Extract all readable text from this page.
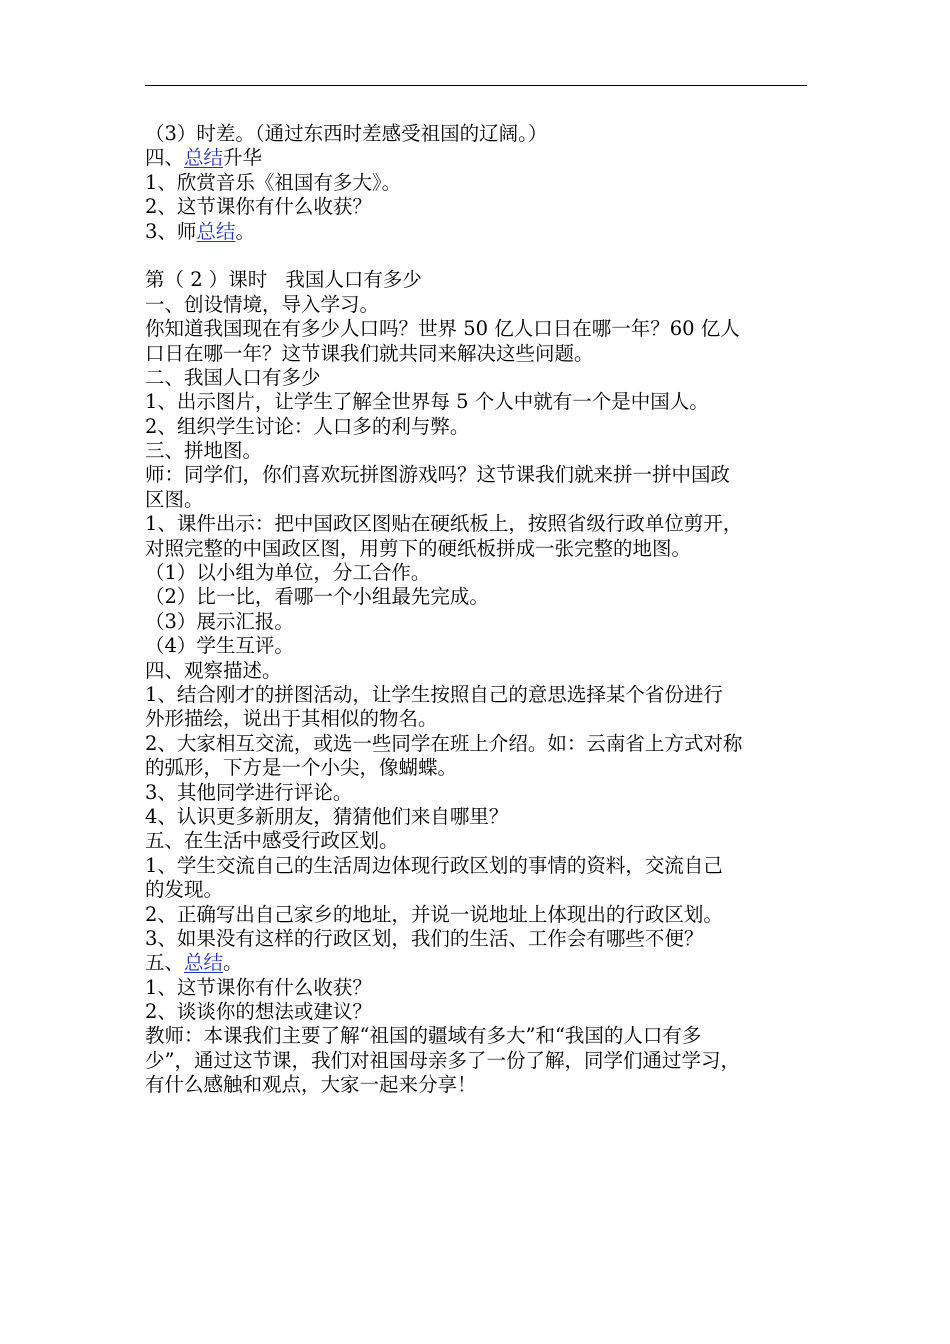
（3）时差。（通过东西时差感受祖国的辽阔。）
四、总结升华
1、欣赏音乐《祖国有多大》。
2、这节课你有什么收获？
3、师总结。
第（ 2 ）课时 我国人口有多少
一、创设情境，导入学习。
你知道我国现在有多少人口吗？世界 50 亿人口日在哪一年？60 亿人
口日在哪一年？这节课我们就共同来解决这些问题。
二、我国人口有多少
1、出示图片，让学生了解全世界每 5 个人中就有一个是中国人。
2、组织学生讨论：人口多的利与弊。
三、拼地图。
师：同学们，你们喜欢玩拼图游戏吗？这节课我们就来拼一拼中国政
区图。
1、课件出示：把中国政区图贴在硬纸板上，按照省级行政单位剪开，
对照完整的中国政区图，用剪下的硬纸板拼成一张完整的地图。
（1）以小组为单位，分工合作。
（2）比一比，看哪一个小组最先完成。
（3）展示汇报。
（4）学生互评。
四、观察描述。
1、结合刚才的拼图活动，让学生按照自己的意思选择某个省份进行
外形描绘，说出于其相似的物名。
2、大家相互交流，或选一些同学在班上介绍。如：云南省上方式对称
的弧形，下方是一个小尖，像蝴蝶。
3、其他同学进行评论。
4、认识更多新朋友，猜猜他们来自哪里？
五、在生活中感受行政区划。
1、学生交流自己的生活周边体现行政区划的事情的资料，交流自己
的发现。
2、正确写出自己家乡的地址，并说一说地址上体现出的行政区划。
3、如果没有这样的行政区划，我们的生活、工作会有哪些不便？
五、总结。
1、这节课你有什么收获？
2、谈谈你的想法或建议？
教师：本课我们主要了解“祖国的疆域有多大”和“我国的人口有多
少”，通过这节课，我们对祖国母亲多了一份了解，同学们通过学习，
有什么感触和观点，大家一起来分享！
